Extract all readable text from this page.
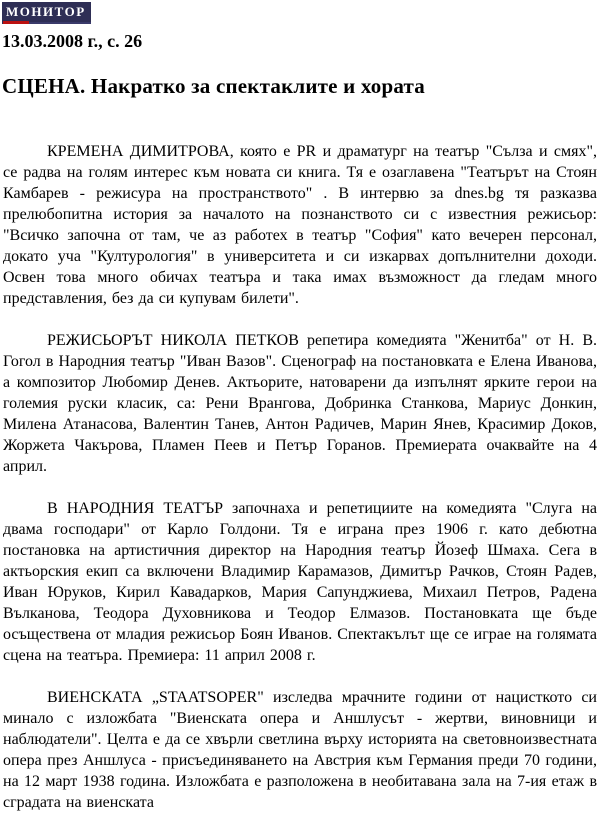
МОНИТОР
13.03.2008 г., с. 26
СЦЕНА. Накратко за спектаклите и хората

КРЕМЕНА ДИМИТРОВА, която е PR и драматург на театър "Сълза и смях", се радва на голям интерес към новата си книга. Тя е озаглавена "Театърът на Стоян Камбарев - режисура на пространството" . В интервю за dnes.bg тя разказва прелюбопитна история за началото на познанството си с известния режисьор: "Всичко започна от там, че аз работех в театър "София" като вечерен персонал, докато уча "Културология" в университета и си изкарвах допълнителни доходи. Освен това много обичах театъра и така имах възможност да гледам много представления, без да си купувам билети".

РЕЖИСЬОРЪТ НИКОЛА ПЕТКОВ репетира комедията "Женитба" от Н. В. Гогол в Народния театър "Иван Вазов". Сценограф на постановката е Елена Иванова, а композитор Любомир Денев. Актьорите, натоварени да изпълнят ярките герои на големия руски класик, са: Рени Врангова, Добринка Станкова, Мариус Донкин, Милена Атанасова, Валентин Танев, Антон Радичев, Марин Янев, Красимир Доков, Жоржета Чакърова, Пламен Пеев и Петър Горанов. Премиерата очаквайте на 4 април.

В НАРОДНИЯ ТЕАТЪР започнаха и репетициите на комедията "Слуга на двама господари" от Карло Голдони. Тя е играна през 1906 г. като дебютна постановка на артистичния директор на Народния театър Йозеф Шмаха. Сега в актьорския екип са включени Владимир Карамазов, Димитър Рачков, Стоян Радев, Иван Юруков, Кирил Кавадарков, Мария Сапунджиева, Михаил Петров, Радена Вълканова, Теодора Духовникова и Теодор Елмазов. Постановката ще бъде осъществена от младия режисьор Боян Иванов. Спектакълът ще се играе на голямата сцена на театъра. Премиера: 11 април 2008 г.

ВИЕНСКАТА „STAATSOPER" изследва мрачните години от нацисткото си минало с изложбата "Виенската опера и Аншлусът - жертви, виновници и наблюдатели". Целта е да се хвърли светлина върху историята на световноизвестната опера през Аншлуса - присъединяването на Австрия към Германия преди 70 години, на 12 март 1938 година. Изложбата е разположена в необитавана зала на 7-ия етаж в сградата на виенската
